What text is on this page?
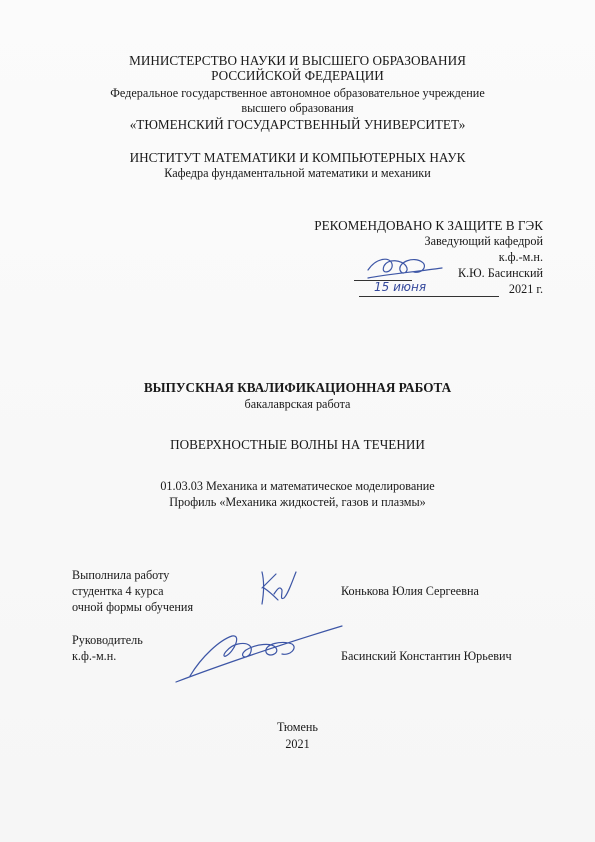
МИНИСТЕРСТВО НАУКИ И ВЫСШЕГО ОБРАЗОВАНИЯ
РОССИЙСКОЙ ФЕДЕРАЦИИ
Федеральное государственное автономное образовательное учреждение
высшего образования
«ТЮМЕНСКИЙ ГОСУДАРСТВЕННЫЙ УНИВЕРСИТЕТ»
ИНСТИТУТ МАТЕМАТИКИ И КОМПЬЮТЕРНЫХ НАУК
Кафедра фундаментальной математики и механики
РЕКОМЕНДОВАНО К ЗАЩИТЕ В ГЭК
Заведующий кафедрой
к.ф.-м.н.
К.Ю. Басинский
15 июня	2021 г.
ВЫПУСКНАЯ КВАЛИФИКАЦИОННАЯ РАБОТА
бакалаврская работа
ПОВЕРХНОСТНЫЕ ВОЛНЫ НА ТЕЧЕНИИ
01.03.03 Механика и математическое моделирование
Профиль «Механика жидкостей, газов и плазмы»
Выполнила работу
студентка 4 курса
очной формы обучения
Конькова Юлия Сергеевна
Руководитель
к.ф.-м.н.	Басинский Константин Юрьевич
Тюмень
2021
